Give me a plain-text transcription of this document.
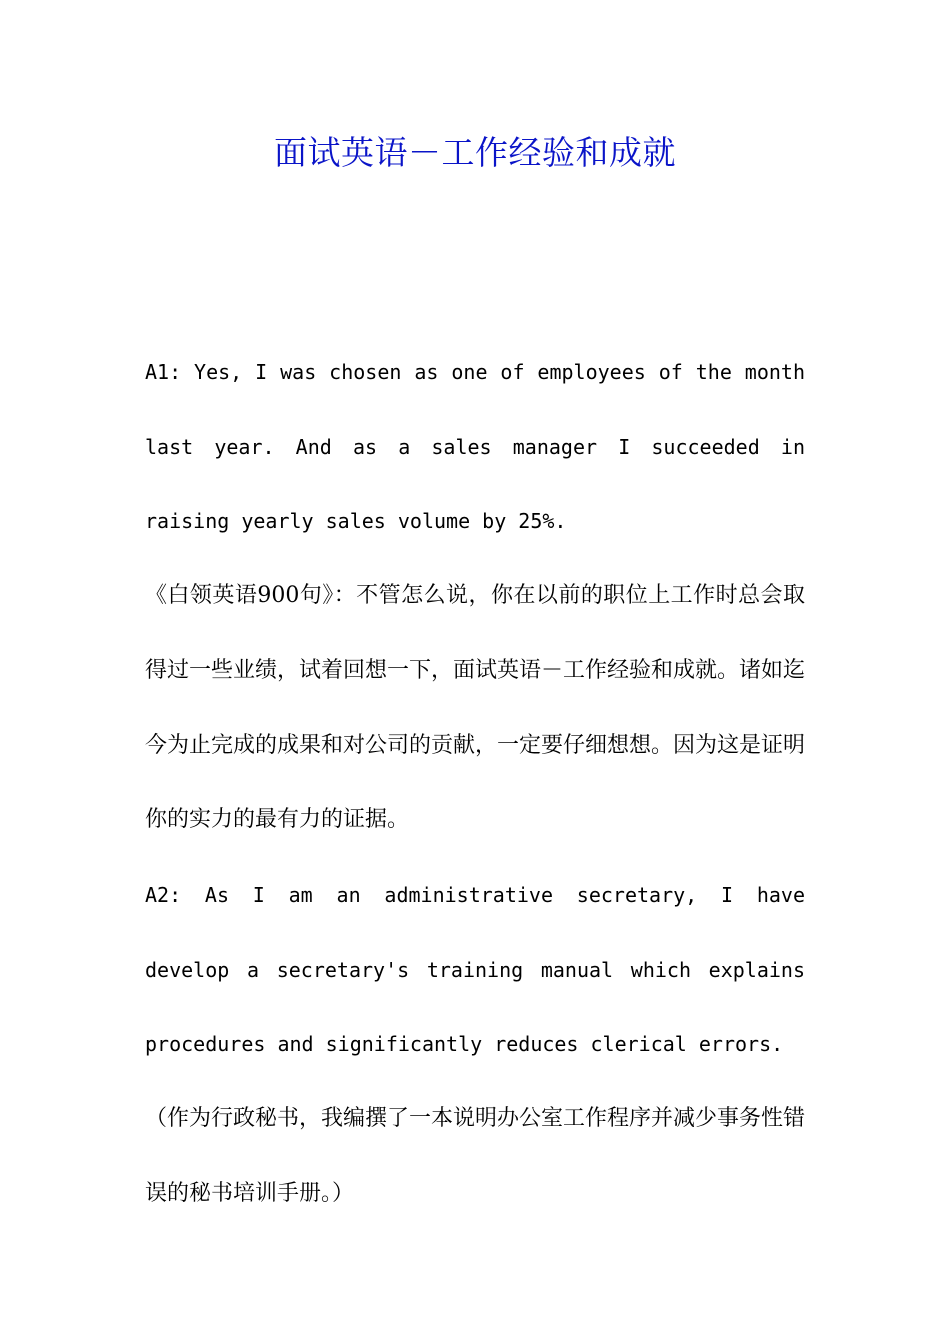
面试英语－工作经验和成就

A1: Yes, I was chosen as one of employees of the month last year. And as a sales manager I succeeded in raising yearly sales volume by 25%.

《白领英语900句》：不管怎么说，你在以前的职位上工作时总会取得过一些业绩，试着回想一下，面试英语－工作经验和成就。诸如迄今为止完成的成果和对公司的贡献，一定要仔细想想。因为这是证明你的实力的最有力的证据。

A2: As I am an administrative secretary, I have develop a secretary's training manual which explains procedures and significantly reduces clerical errors.

（作为行政秘书，我编撰了一本说明办公室工作程序并减少事务性错误的秘书培训手册。）
